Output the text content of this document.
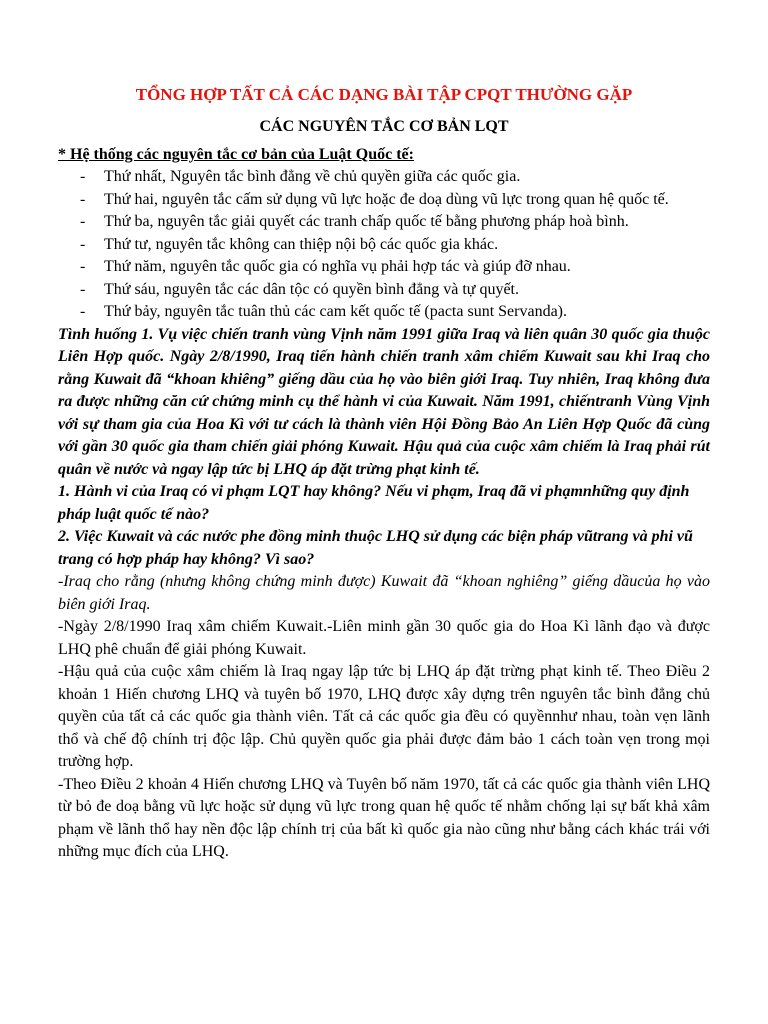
TỔNG HỢP TẤT CẢ CÁC DẠNG BÀI TẬP CPQT THƯỜNG GẶP
CÁC NGUYÊN TẮC CƠ BẢN LQT

* Hệ thống các nguyên tắc cơ bản của Luật Quốc tế:

- Thứ nhất, Nguyên tắc bình đẳng về chủ quyền giữa các quốc gia.
- Thứ hai, nguyên tắc cấm sử dụng vũ lực hoặc đe doạ dùng vũ lực trong quan hệ quốc tế.
- Thứ ba, nguyên tắc giải quyết các tranh chấp quốc tế bằng phương pháp hoà bình.
- Thứ tư, nguyên tắc không can thiệp nội bộ các quốc gia khác.
- Thứ năm, nguyên tắc quốc gia có nghĩa vụ phải hợp tác và giúp đỡ nhau.
- Thứ sáu, nguyên tắc các dân tộc có quyền bình đẳng và tự quyết.
- Thứ bảy, nguyên tắc tuân thủ các cam kết quốc tế (pacta sunt Servanda).

Tình huống 1. Vụ việc chiến tranh vùng Vịnh năm 1991 giữa Iraq và liên quân 30 quốc gia thuộc Liên Hợp quốc. Ngày 2/8/1990, Iraq tiến hành chiến tranh xâm chiếm Kuwait sau khi Iraq cho rằng Kuwait đã “khoan khiêng” giếng dầu của họ vào biên giới Iraq. Tuy nhiên, Iraq không đưa ra được những căn cứ chứng minh cụ thể hành vi của Kuwait. Năm 1991, chiếntranh Vùng Vịnh với sự tham gia của Hoa Kì với tư cách là thành viên Hội Đồng Bảo An Liên Hợp Quốc đã cùng với gần 30 quốc gia tham chiến giải phóng Kuwait. Hậu quả của cuộc xâm chiếm là Iraq phải rút quân về nước và ngay lập tức bị LHQ áp đặt trừng phạt kinh tế.

1. Hành vi của Iraq có vi phạm LQT hay không? Nếu vi phạm, Iraq đã vi phạmnhững quy định pháp luật quốc tế nào?

2. Việc Kuwait và các nước phe đồng minh thuộc LHQ sử dụng các biện pháp vũtrang và phi vũ trang có hợp pháp hay không? Vì sao?

-Iraq cho rằng (nhưng không chứng minh được) Kuwait đã “khoan nghiêng” giếng dầucủa họ vào biên giới Iraq.

-Ngày 2/8/1990 Iraq xâm chiếm Kuwait.-Liên minh gần 30 quốc gia do Hoa Kì lãnh đạo và được LHQ phê chuẩn để giải phóng Kuwait.

-Hậu quả của cuộc xâm chiếm là Iraq ngay lập tức bị LHQ áp đặt trừng phạt kinh tế. Theo Điều 2 khoản 1 Hiến chương LHQ và tuyên bố 1970, LHQ được xây dựng trên nguyên tắc bình đẳng chủ quyền của tất cả các quốc gia thành viên. Tất cả các quốc gia đều có quyềnnhư nhau, toàn vẹn lãnh thổ và chế độ chính trị độc lập. Chủ quyền quốc gia phải được đảm bảo 1 cách toàn vẹn trong mọi trường hợp.

-Theo Điều 2 khoản 4 Hiến chương LHQ và Tuyên bố năm 1970, tất cả các quốc gia thành viên LHQ từ bỏ đe doạ bằng vũ lực hoặc sử dụng vũ lực trong quan hệ quốc tế nhằm chống lại sự bất khả xâm phạm về lãnh thổ hay nền độc lập chính trị của bất kì quốc gia nào cũng như bằng cách khác trái với những mục đích của LHQ.
